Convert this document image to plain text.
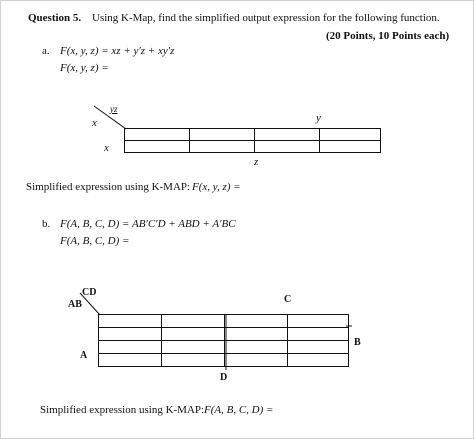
Question 5. Using K-Map, find the simplified output expression for the following function.
(20 Points, 10 Points each)
a. F(x, y, z) = xz + y′z + xy′z
F(x, y, z) =
yz
x	y
x
z

Simplified expression using K-MAP: F(x, y, z) =
b. F(A, B, C, D) = AB′C′D + ABD + A′BC
F(A, B, C, D) =
CD
AB	C
B
A
D

Simplified expression using K-MAP: F(A, B, C, D) =
